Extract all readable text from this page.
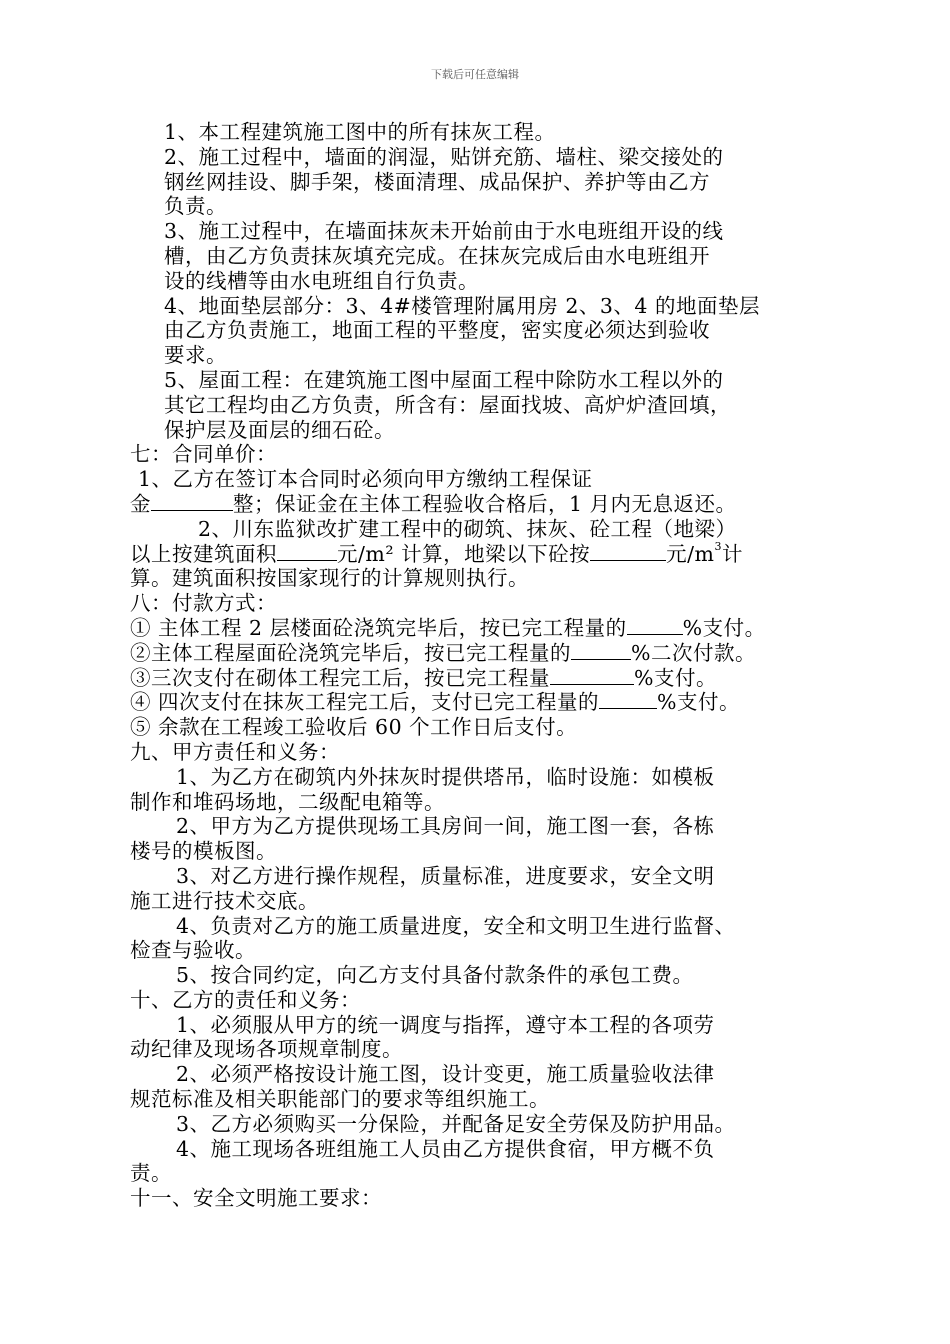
下载后可任意编辑
1、本工程建筑施工图中的所有抹灰工程。
2、施工过程中，墙面的润湿，贴饼充筋、墙柱、梁交接处的
钢丝网挂设、脚手架，楼面清理、成品保护、养护等由乙方
负责。
3、施工过程中，在墙面抹灰未开始前由于水电班组开设的线
槽，由乙方负责抹灰填充完成。在抹灰完成后由水电班组开
设的线槽等由水电班组自行负责。
4、地面垫层部分：3、4#楼管理附属用房 2、3、4 的地面垫层
由乙方负责施工，地面工程的平整度，密实度必须达到验收
要求。
5、屋面工程：在建筑施工图中屋面工程中除防水工程以外的
其它工程均由乙方负责，所含有：屋面找坡、高炉炉渣回填，
保护层及面层的细石砼。
七：合同单价：
1、乙方在签订本合同时必须向甲方缴纳工程保证
金	整；保证金在主体工程验收合格后，1 月内无息返还。
2、川东监狱改扩建工程中的砌筑、抹灰、砼工程（地梁）
以上按建筑面积	元/m² 计算，地梁以下砼按	元$/m^3$计
算。建筑面积按国家现行的计算规则执行。
八：付款方式：
① 主体工程 2 层楼面砼浇筑完毕后，按已完工程量的	%支付。
②主体工程屋面砼浇筑完毕后，按已完工程量的	%二次付款。
③三次支付在砌体工程完工后，按已完工程量	%支付。
④ 四次支付在抹灰工程完工后，支付已完工程量的	%支付。
⑤ 余款在工程竣工验收后 60 个工作日后支付。
九、甲方责任和义务：
1、为乙方在砌筑内外抹灰时提供塔吊，临时设施：如模板
制作和堆码场地，二级配电箱等。
2、甲方为乙方提供现场工具房间一间，施工图一套，各栋
楼号的模板图。
3、对乙方进行操作规程，质量标准，进度要求，安全文明
施工进行技术交底。
4、负责对乙方的施工质量进度，安全和文明卫生进行监督、
检查与验收。
5、按合同约定，向乙方支付具备付款条件的承包工费。
十、乙方的责任和义务：
1、必须服从甲方的统一调度与指挥，遵守本工程的各项劳
动纪律及现场各项规章制度。
2、必须严格按设计施工图，设计变更，施工质量验收法律
规范标准及相关职能部门的要求等组织施工。
3、乙方必须购买一分保险，并配备足安全劳保及防护用品。
4、施工现场各班组施工人员由乙方提供食宿，甲方概不负
责。
十一、安全文明施工要求：
